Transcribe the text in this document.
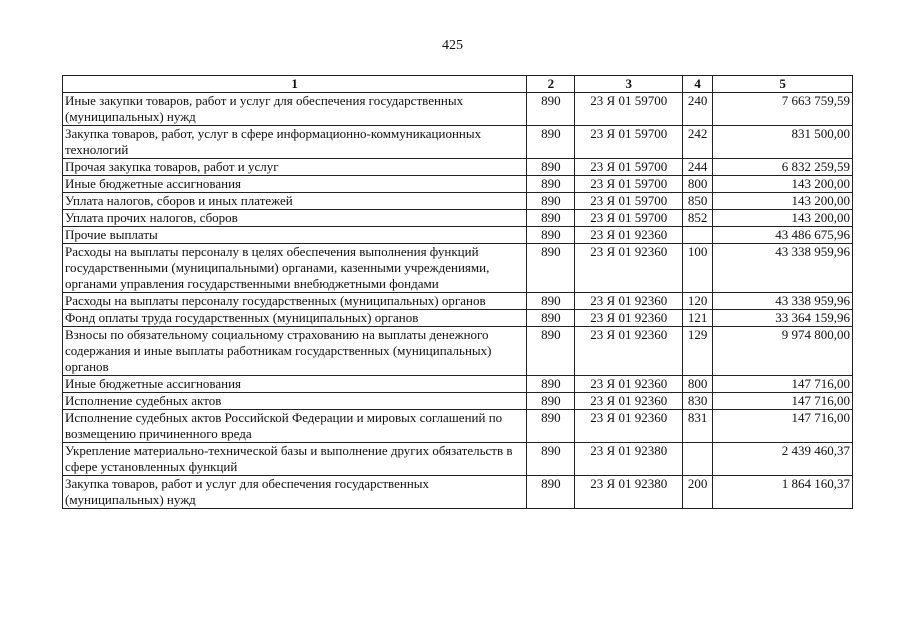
425
1	2	3	4	5
Иные закупки товаров, работ и услуг для обеспечения государственных (муниципальных) нужд	890	23 Я 01 59700	240	7 663 759,59
Закупка товаров, работ, услуг в сфере информационно-коммуникационных технологий	890	23 Я 01 59700	242	831 500,00
Прочая закупка товаров, работ и услуг	890	23 Я 01 59700	244	6 832 259,59
Иные бюджетные ассигнования	890	23 Я 01 59700	800	143 200,00
Уплата налогов, сборов и иных платежей	890	23 Я 01 59700	850	143 200,00
Уплата прочих налогов, сборов	890	23 Я 01 59700	852	143 200,00
Прочие выплаты	890	23 Я 01 92360		43 486 675,96
Расходы на выплаты персоналу в целях обеспечения выполнения функций государственными (муниципальными) органами, казенными учреждениями, органами управления государственными внебюджетными фондами	890	23 Я 01 92360	100	43 338 959,96
Расходы на выплаты персоналу государственных (муниципальных) органов	890	23 Я 01 92360	120	43 338 959,96
Фонд оплаты труда государственных (муниципальных) органов	890	23 Я 01 92360	121	33 364 159,96
Взносы по обязательному социальному страхованию на выплаты денежного содержания и иные выплаты работникам государственных (муниципальных) органов	890	23 Я 01 92360	129	9 974 800,00
Иные бюджетные ассигнования	890	23 Я 01 92360	800	147 716,00
Исполнение судебных актов	890	23 Я 01 92360	830	147 716,00
Исполнение судебных актов Российской Федерации и мировых соглашений по возмещению причиненного вреда	890	23 Я 01 92360	831	147 716,00
Укрепление материально-технической базы и выполнение других обязательств в сфере установленных функций	890	23 Я 01 92380		2 439 460,37
Закупка товаров, работ и услуг для обеспечения государственных (муниципальных) нужд	890	23 Я 01 92380	200	1 864 160,37
